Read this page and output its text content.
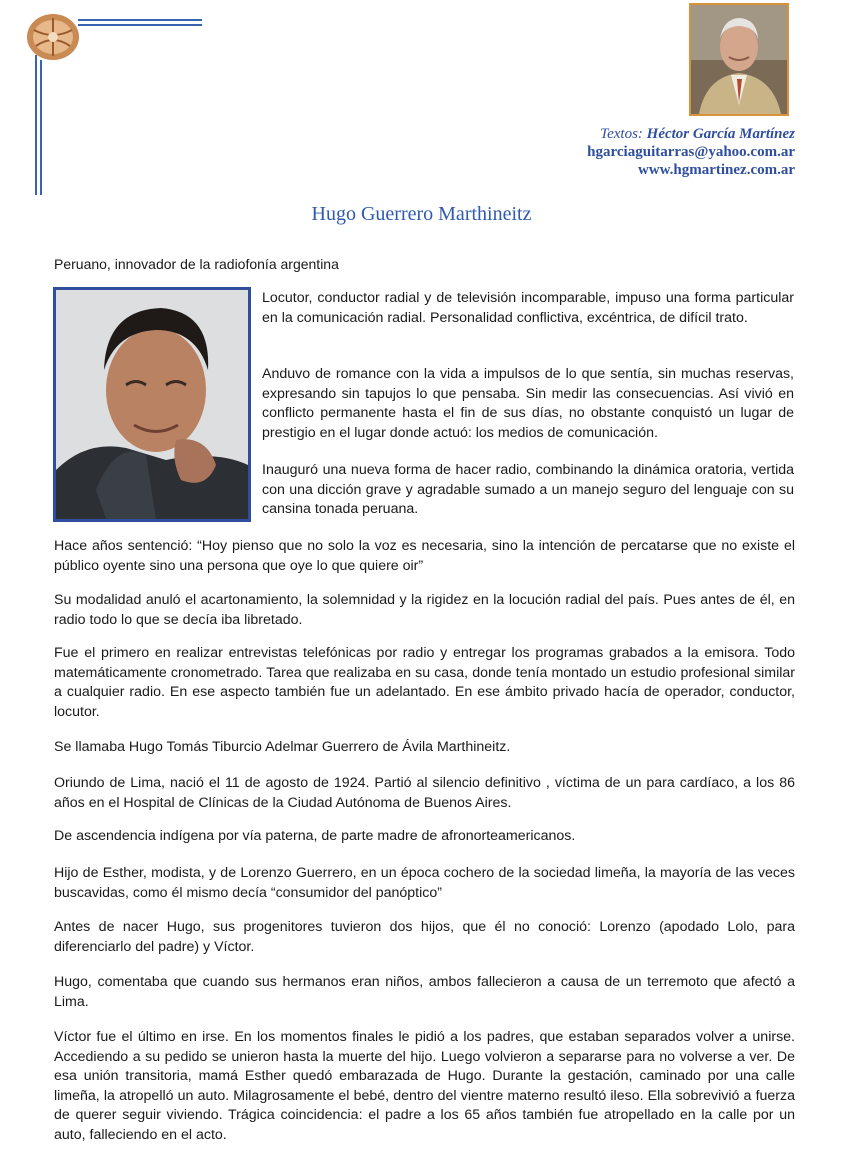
Textos: Héctor García Martínez
hgarciaguitarras@yahoo.com.ar
www.hgmartinez.com.ar
Hugo Guerrero Marthineitz
Peruano, innovador de la radiofonía argentina

Locutor, conductor radial y de televisión incomparable, impuso una forma particular en la comunicación radial. Personalidad conflictiva, excéntrica, de difícil trato.

Anduvo de romance con la vida a impulsos de lo que sentía, sin muchas reservas, expresando sin tapujos lo que pensaba. Sin medir las consecuencias. Así vivió en conflicto permanente hasta el fin de sus días, no obstante conquistó un lugar de prestigio en el lugar donde actuó: los medios de comunicación.

Inauguró una nueva forma de hacer radio, combinando la dinámica oratoria, vertida con una dicción grave y agradable sumado a un manejo seguro del lenguaje con su cansina tonada peruana.

Hace años sentenció: “Hoy pienso que no solo la voz es necesaria, sino la intención de percatarse que no existe el público oyente sino una persona que oye lo que quiere oir”

Su modalidad anuló el acartonamiento, la solemnidad y la rigidez en la locución radial del país. Pues antes de él, en radio todo lo que se decía iba libretado.

Fue el primero en realizar entrevistas telefónicas por radio y entregar los programas grabados a la emisora. Todo matemáticamente cronometrado. Tarea que realizaba en su casa, donde tenía montado un estudio profesional similar a cualquier radio. En ese aspecto también fue un adelantado. En ese ámbito privado hacía de operador, conductor, locutor.

Se llamaba Hugo Tomás Tiburcio Adelmar Guerrero de Ávila Marthineitz.

Oriundo de Lima, nació el 11 de agosto de 1924. Partió al silencio definitivo , víctima de un para cardíaco, a los 86 años en el Hospital de Clínicas de la Ciudad Autónoma de Buenos Aires.

De ascendencia indígena por vía paterna, de parte madre de afronorteamericanos.

Hijo de Esther, modista, y de Lorenzo Guerrero, en un época cochero de la sociedad limeña, la mayoría de las veces buscavidas, como él mismo decía “consumidor del panóptico”

Antes de nacer Hugo, sus progenitores tuvieron dos hijos, que él no conoció: Lorenzo (apodado Lolo, para diferenciarlo del padre) y Víctor.

Hugo, comentaba que cuando sus hermanos eran niños, ambos fallecieron a causa de un terremoto que afectó a Lima.

Víctor fue el último en irse. En los momentos finales le pidió a los padres, que estaban separados volver a unirse. Accediendo a su pedido se unieron hasta la muerte del hijo. Luego volvieron a separarse para no volverse a ver. De esa unión transitoria, mamá Esther quedó embarazada de Hugo. Durante la gestación, caminado por una calle limeña, la atropelló un auto. Milagrosamente el bebé, dentro del vientre materno resultó ileso. Ella sobrevivió a fuerza de querer seguir viviendo. Trágica coincidencia: el padre a los 65 años también fue atropellado en la calle por un auto, falleciendo en el acto.
